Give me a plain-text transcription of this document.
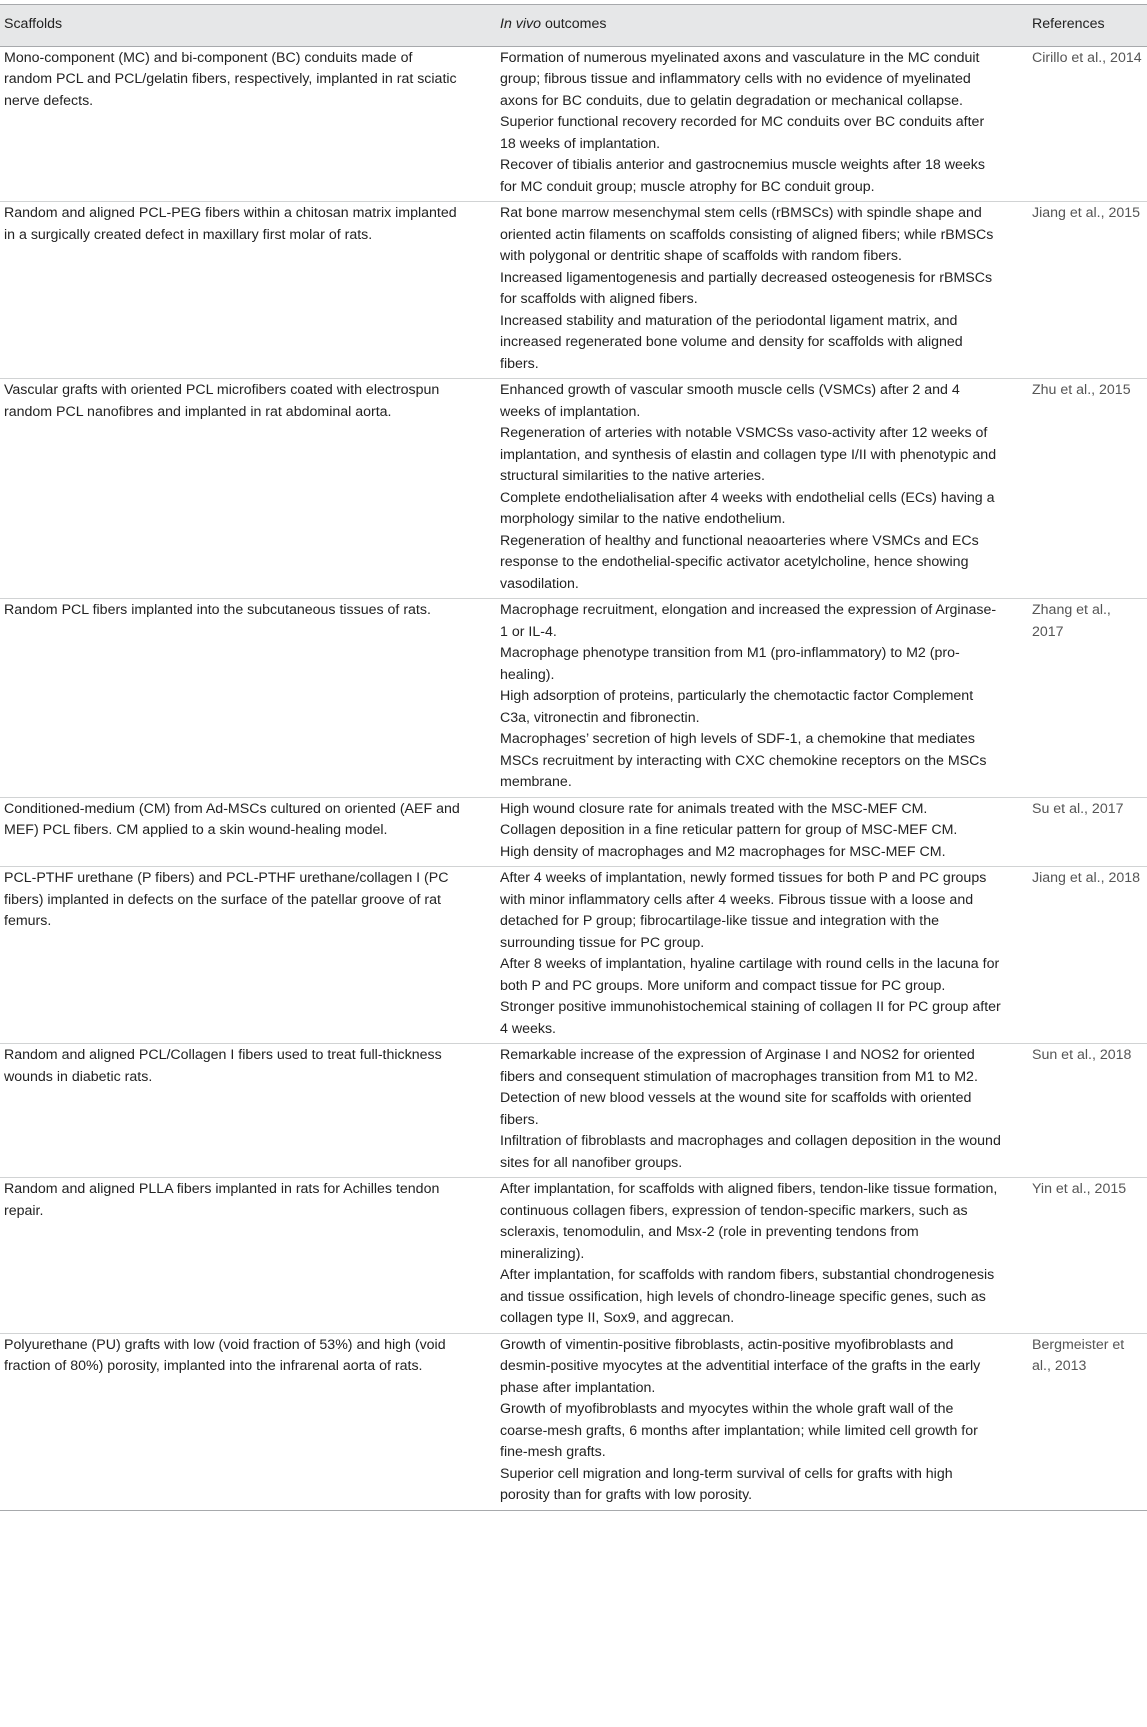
Scaffolds	In vivo outcomes	References
Mono-component (MC) and bi-component (BC) conduits made of random PCL and PCL/gelatin fibers, respectively, implanted in rat sciatic nerve defects.	Formation of numerous myelinated axons and vasculature in the MC conduit group; fibrous tissue and inflammatory cells with no evidence of myelinated axons for BC conduits, due to gelatin degradation or mechanical collapse.
Superior functional recovery recorded for MC conduits over BC conduits after 18 weeks of implantation.
Recover of tibialis anterior and gastrocnemius muscle weights after 18 weeks for MC conduit group; muscle atrophy for BC conduit group.	Cirillo et al., 2014
Random and aligned PCL-PEG fibers within a chitosan matrix implanted in a surgically created defect in maxillary first molar of rats.	Rat bone marrow mesenchymal stem cells (rBMSCs) with spindle shape and oriented actin filaments on scaffolds consisting of aligned fibers; while rBMSCs with polygonal or dentritic shape of scaffolds with random fibers.
Increased ligamentogenesis and partially decreased osteogenesis for rBMSCs for scaffolds with aligned fibers.
Increased stability and maturation of the periodontal ligament matrix, and increased regenerated bone volume and density for scaffolds with aligned fibers.	Jiang et al., 2015
Vascular grafts with oriented PCL microfibers coated with electrospun random PCL nanofibres and implanted in rat abdominal aorta.	Enhanced growth of vascular smooth muscle cells (VSMCs) after 2 and 4 weeks of implantation.
Regeneration of arteries with notable VSMCSs vaso-activity after 12 weeks of implantation, and synthesis of elastin and collagen type I/II with phenotypic and structural similarities to the native arteries.
Complete endothelialisation after 4 weeks with endothelial cells (ECs) having a morphology similar to the native endothelium.
Regeneration of healthy and functional neaoarteries where VSMCs and ECs response to the endothelial-specific activator acetylcholine, hence showing vasodilation.	Zhu et al., 2015
Random PCL fibers implanted into the subcutaneous tissues of rats.	Macrophage recruitment, elongation and increased the expression of Arginase-1 or IL-4.
Macrophage phenotype transition from M1 (pro-inflammatory) to M2 (pro-healing).
High adsorption of proteins, particularly the chemotactic factor Complement C3a, vitronectin and fibronectin.
Macrophages’ secretion of high levels of SDF-1, a chemokine that mediates MSCs recruitment by interacting with CXC chemokine receptors on the MSCs membrane.	Zhang et al., 2017
Conditioned-medium (CM) from Ad-MSCs cultured on oriented (AEF and MEF) PCL fibers. CM applied to a skin wound-healing model.	High wound closure rate for animals treated with the MSC-MEF CM.
Collagen deposition in a fine reticular pattern for group of MSC-MEF CM.
High density of macrophages and M2 macrophages for MSC-MEF CM.	Su et al., 2017
PCL-PTHF urethane (P fibers) and PCL-PTHF urethane/collagen I (PC fibers) implanted in defects on the surface of the patellar groove of rat femurs.	After 4 weeks of implantation, newly formed tissues for both P and PC groups with minor inflammatory cells after 4 weeks. Fibrous tissue with a loose and detached for P group; fibrocartilage-like tissue and integration with the surrounding tissue for PC group.
After 8 weeks of implantation, hyaline cartilage with round cells in the lacuna for both P and PC groups. More uniform and compact tissue for PC group.
Stronger positive immunohistochemical staining of collagen II for PC group after 4 weeks.	Jiang et al., 2018
Random and aligned PCL/Collagen I fibers used to treat full-thickness wounds in diabetic rats.	Remarkable increase of the expression of Arginase I and NOS2 for oriented fibers and consequent stimulation of macrophages transition from M1 to M2.
Detection of new blood vessels at the wound site for scaffolds with oriented fibers.
Infiltration of fibroblasts and macrophages and collagen deposition in the wound sites for all nanofiber groups.	Sun et al., 2018
Random and aligned PLLA fibers implanted in rats for Achilles tendon repair.	After implantation, for scaffolds with aligned fibers, tendon-like tissue formation, continuous collagen fibers, expression of tendon-specific markers, such as scleraxis, tenomodulin, and Msx-2 (role in preventing tendons from mineralizing).
After implantation, for scaffolds with random fibers, substantial chondrogenesis and tissue ossification, high levels of chondro-lineage specific genes, such as collagen type II, Sox9, and aggrecan.	Yin et al., 2015
Polyurethane (PU) grafts with low (void fraction of 53%) and high (void fraction of 80%) porosity, implanted into the infrarenal aorta of rats.	Growth of vimentin-positive fibroblasts, actin-positive myofibroblasts and desmin-positive myocytes at the adventitial interface of the grafts in the early phase after implantation.
Growth of myofibroblasts and myocytes within the whole graft wall of the coarse-mesh grafts, 6 months after implantation; while limited cell growth for fine-mesh grafts.
Superior cell migration and long-term survival of cells for grafts with high porosity than for grafts with low porosity.	Bergmeister et al., 2013
